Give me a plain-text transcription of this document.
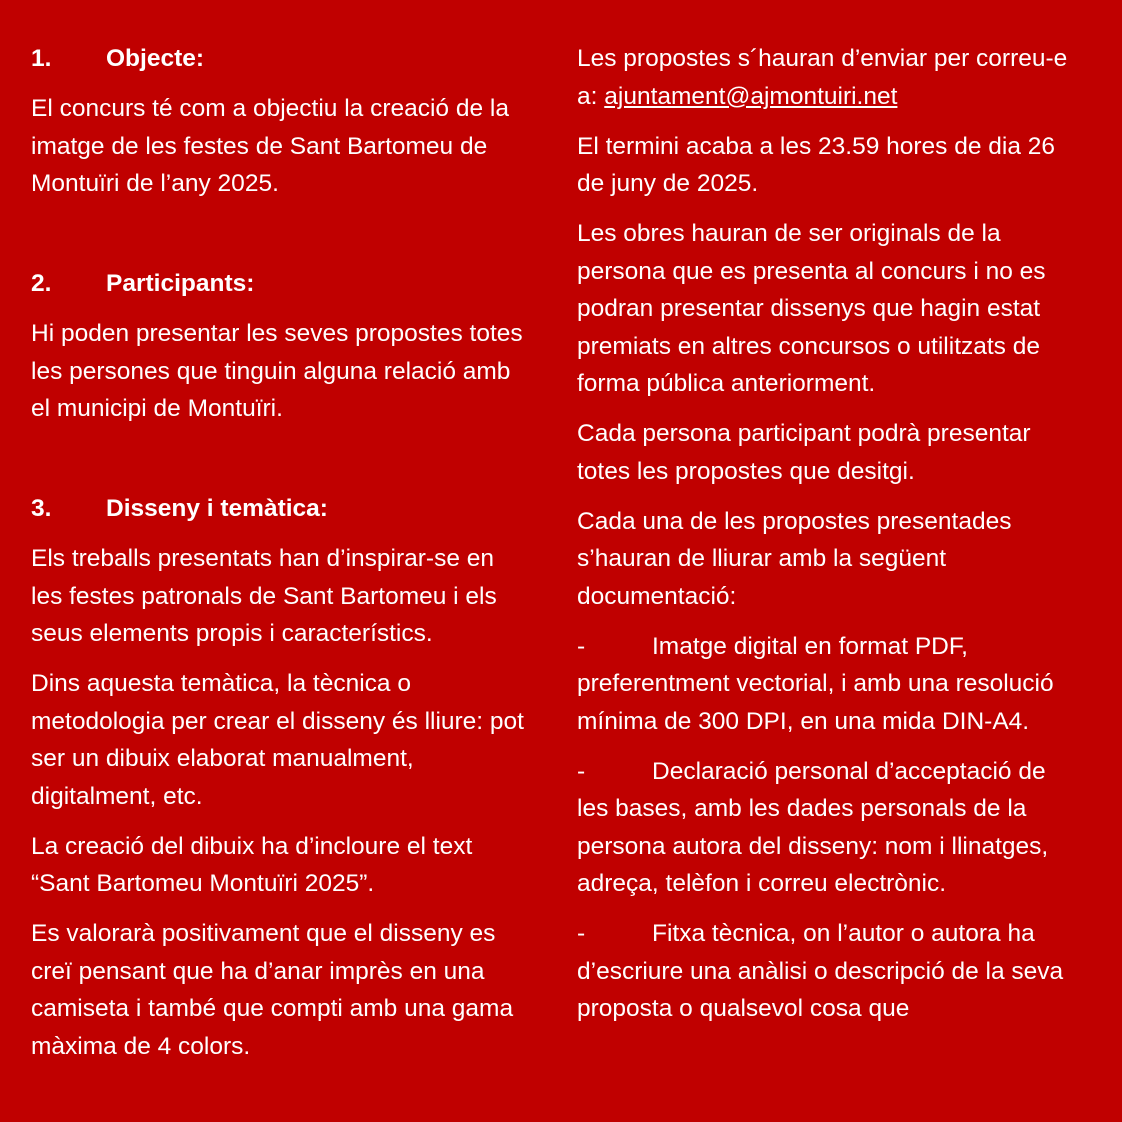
1.	Objecte:

El concurs té com a objectiu la creació de la imatge de les festes de Sant Bartomeu de Montuïri de l’any 2025.

2.	Participants:

Hi poden presentar les seves propostes totes les persones que tinguin alguna relació amb el municipi de Montuïri.

3.	Disseny i temàtica:

Els treballs presentats han d’inspirar-se en les festes patronals de Sant Bartomeu i els seus elements propis i característics.

Dins aquesta temàtica, la tècnica o metodologia per crear el disseny és lliure: pot ser un dibuix elaborat manualment, digitalment, etc.

La creació del dibuix ha d’incloure el text “Sant Bartomeu Montuïri 2025”.

Es valorarà positivament que el disseny es creï pensant que ha d’anar imprès en una camiseta i també que compti amb una gama màxima de 4 colors.

Les propostes s´hauran d’enviar per correu-e a: ajuntament@ajmontuiri.net

El termini acaba a les 23.59 hores de dia 26 de juny de 2025.

Les obres hauran de ser originals de la persona que es presenta al concurs i no es podran presentar dissenys que hagin estat premiats en altres concursos o utilitzats de forma pública anteriorment.

Cada persona participant podrà presentar totes les propostes que desitgi.

Cada una de les propostes presentades s’hauran de lliurar amb la següent documentació:

-	Imatge digital en format PDF, preferentment vectorial, i amb una resolució mínima de 300 DPI, en una mida DIN-A4.

-	Declaració personal d’acceptació de les bases, amb les dades personals de la persona autora del disseny: nom i llinatges, adreça, telèfon i correu electrònic.

-	Fitxa tècnica, on l’autor o autora ha d’escriure una anàlisi o descripció de la seva proposta o qualsevol cosa que
